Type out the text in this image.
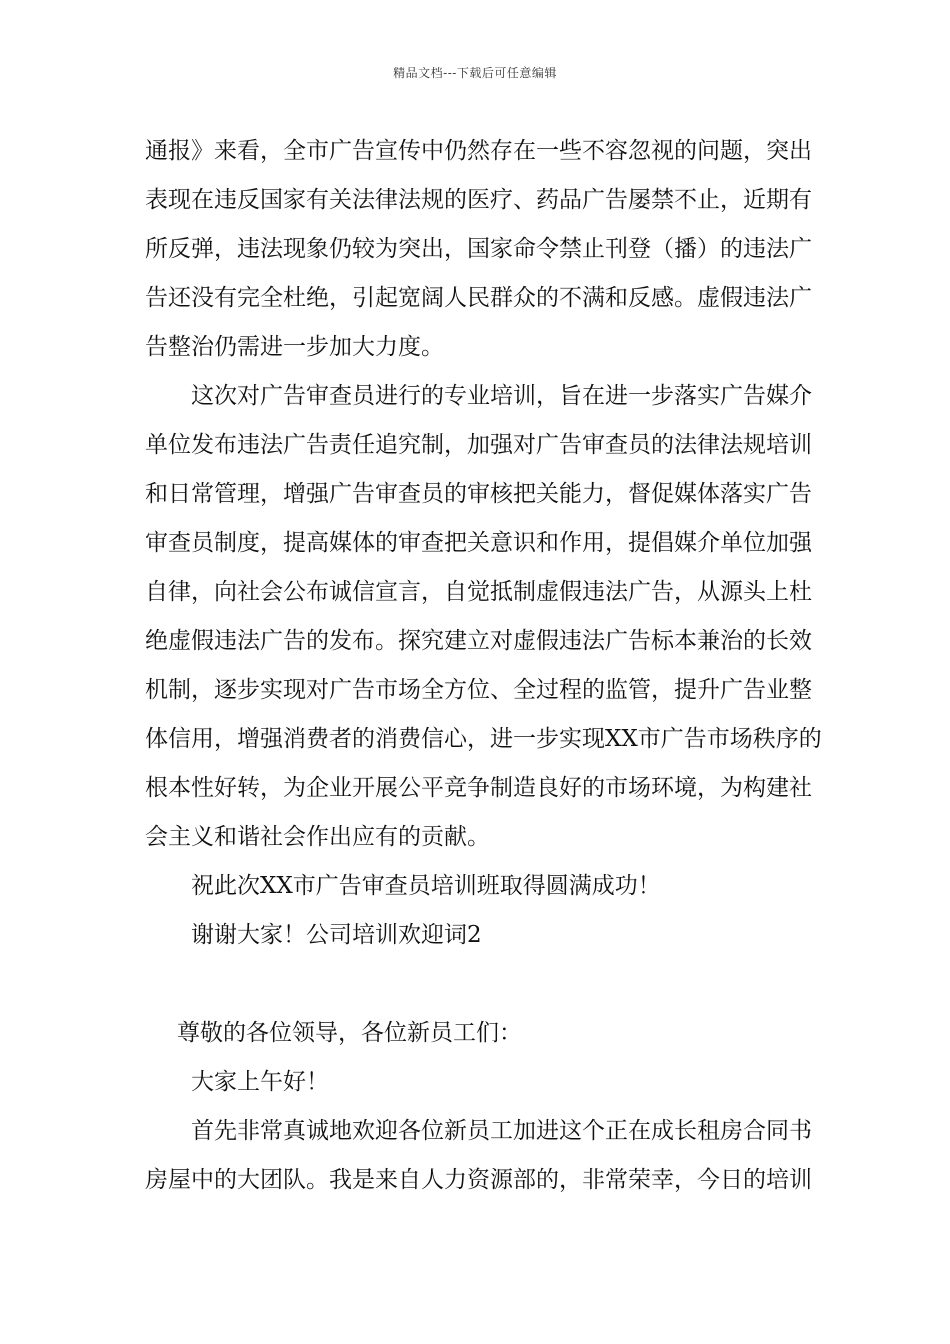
精品文档---下载后可任意编辑
通报》来看，全市广告宣传中仍然存在一些不容忽视的问题，突出
表现在违反国家有关法律法规的医疗、药品广告屡禁不止，近期有
所反弹，违法现象仍较为突出，国家命令禁止刊登（播）的违法广
告还没有完全杜绝，引起宽阔人民群众的不满和反感。虚假违法广
告整治仍需进一步加大力度。
这次对广告审查员进行的专业培训，旨在进一步落实广告媒介
单位发布违法广告责任追究制，加强对广告审查员的法律法规培训
和日常管理，增强广告审查员的审核把关能力，督促媒体落实广告
审查员制度，提高媒体的审查把关意识和作用，提倡媒介单位加强
自律，向社会公布诚信宣言，自觉抵制虚假违法广告，从源头上杜
绝虚假违法广告的发布。探究建立对虚假违法广告标本兼治的长效
机制，逐步实现对广告市场全方位、全过程的监管，提升广告业整
体信用，增强消费者的消费信心，进一步实现XX市广告市场秩序的
根本性好转，为企业开展公平竞争制造良好的市场环境，为构建社
会主义和谐社会作出应有的贡献。
祝此次XX市广告审查员培训班取得圆满成功！
谢谢大家！公司培训欢迎词2
尊敬的各位领导，各位新员工们：
大家上午好！
首先非常真诚地欢迎各位新员工加进这个正在成长租房合同书
房屋中的大团队。我是来自人力资源部的，非常荣幸，今日的培训
